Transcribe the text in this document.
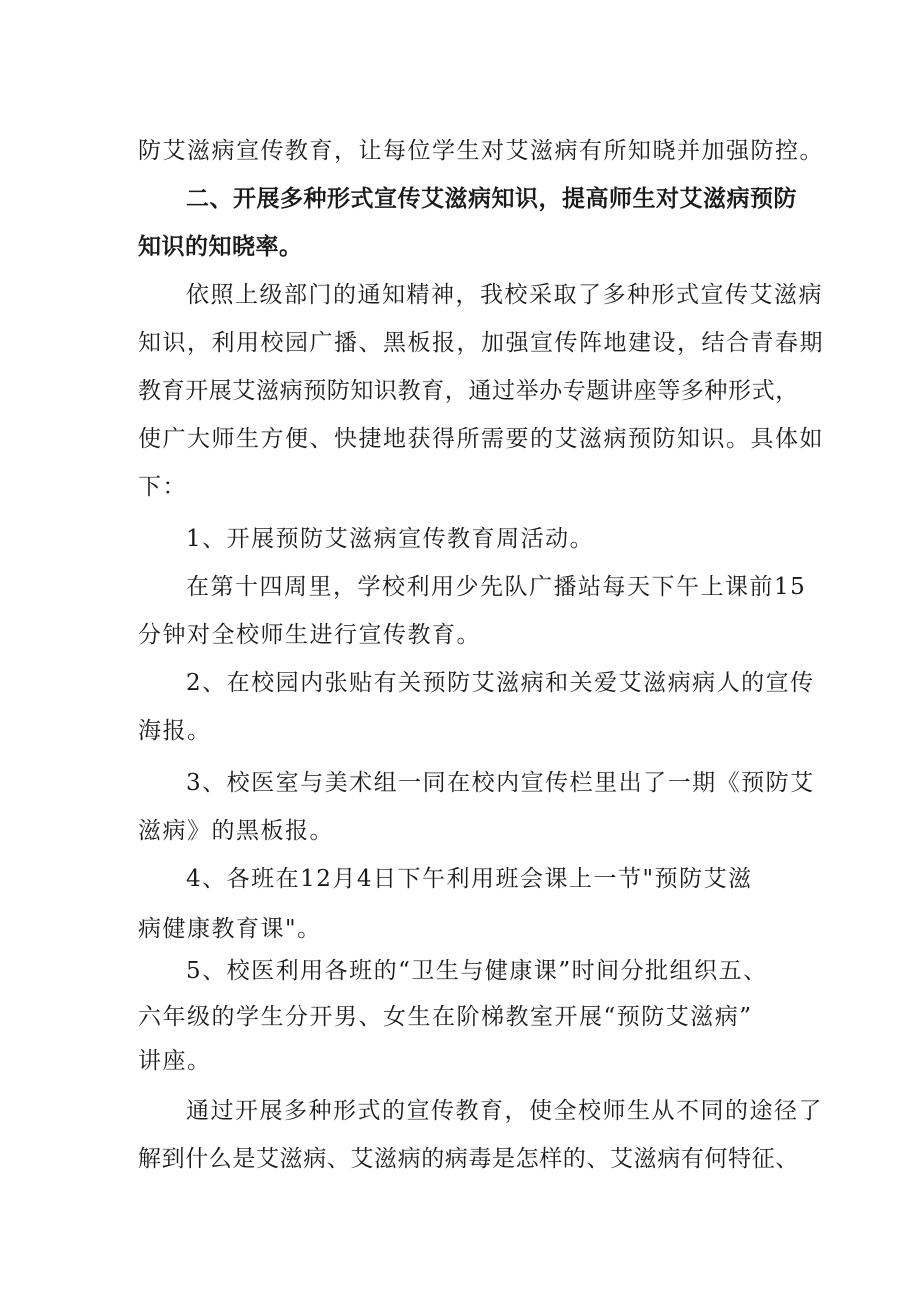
防艾滋病宣传教育，让每位学生对艾滋病有所知晓并加强防控。
二、开展多种形式宣传艾滋病知识，提高师生对艾滋病预防
知识的知晓率。
依照上级部门的通知精神，我校采取了多种形式宣传艾滋病
知识，利用校园广播、黑板报，加强宣传阵地建设，结合青春期
教育开展艾滋病预防知识教育，通过举办专题讲座等多种形式，
使广大师生方便、快捷地获得所需要的艾滋病预防知识。具体如
下：
1、开展预防艾滋病宣传教育周活动。
在第十四周里，学校利用少先队广播站每天下午上课前15
分钟对全校师生进行宣传教育。
2、在校园内张贴有关预防艾滋病和关爱艾滋病病人的宣传
海报。
3、校医室与美术组一同在校内宣传栏里出了一期《预防艾
滋病》的黑板报。
4、各班在12月4日下午利用班会课上一节"预防艾滋
病健康教育课"。
5、校医利用各班的“卫生与健康课”时间分批组织五、
六年级的学生分开男、女生在阶梯教室开展“预防艾滋病”
讲座。
通过开展多种形式的宣传教育，使全校师生从不同的途径了
解到什么是艾滋病、艾滋病的病毒是怎样的、艾滋病有何特征、
